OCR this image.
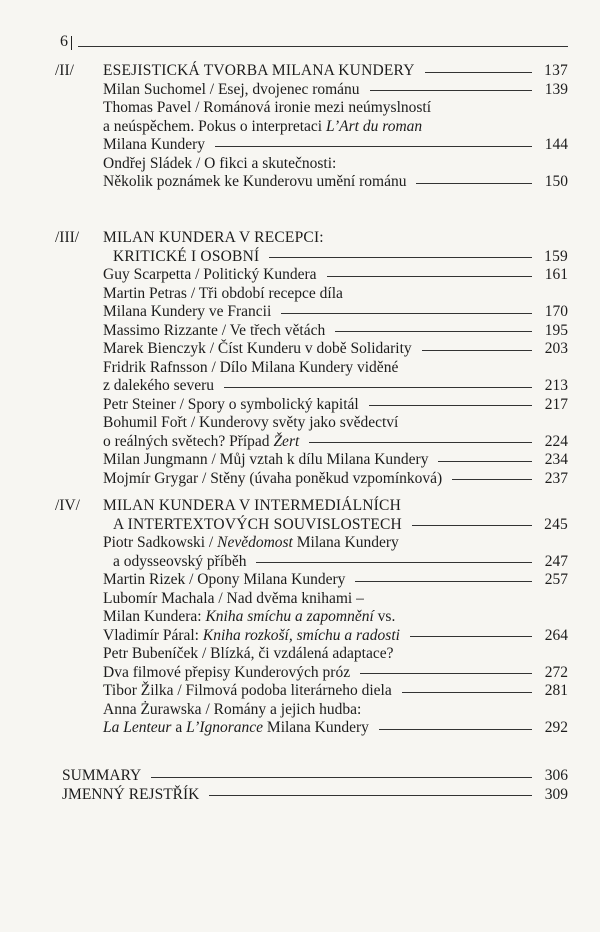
6
/II/ ESEJISTICKÁ TVORBA MILANA KUNDERY	137
Milan Suchomel / Esej, dvojenec románu	139
Thomas Pavel / Románová ironie mezi neúmyslností
a neúspěchem. Pokus o interpretaci L’Art du roman
Milana Kundery	144
Ondřej Sládek / O fikci a skutečnosti:
Několik poznámek ke Kunderovu umění románu	150
/III/ MILAN KUNDERA V RECEPCI:
KRITICKÉ I OSOBNÍ	159
Guy Scarpetta / Politický Kundera	161
Martin Petras / Tři období recepce díla
Milana Kundery ve Francii	170
Massimo Rizzante / Ve třech větách	195
Marek Bienczyk / Číst Kunderu v době Solidarity	203
Fridrik Rafnsson / Dílo Milana Kundery viděné
z dalekého severu	213
Petr Steiner / Spory o symbolický kapitál	217
Bohumil Fořt / Kunderovy světy jako svědectví
o reálných světech? Případ Žert	224
Milan Jungmann / Můj vztah k dílu Milana Kundery	234
Mojmír Grygar / Stěny (úvaha poněkud vzpomínková)	237
/IV/ MILAN KUNDERA V INTERMEDIÁLNÍCH
A INTERTEXTOVÝCH SOUVISLOSTECH	245
Piotr Sadkowski / Nevědomost Milana Kundery
a odysseovský příběh	247
Martin Rizek / Opony Milana Kundery	257
Lubomír Machala / Nad dvěma knihami –
Milan Kundera: Kniha smíchu a zapomnění vs.
Vladimír Páral: Kniha rozkoší, smíchu a radosti	264
Petr Bubeníček / Blízká, či vzdálená adaptace?
Dva filmové přepisy Kunderových próz	272
Tibor Žilka / Filmová podoba literárneho diela	281
Anna Żurawska / Romány a jejich hudba:
La Lenteur a L’Ignorance Milana Kundery	292
SUMMARY	306
JMENNÝ REJSTŘÍK	309
